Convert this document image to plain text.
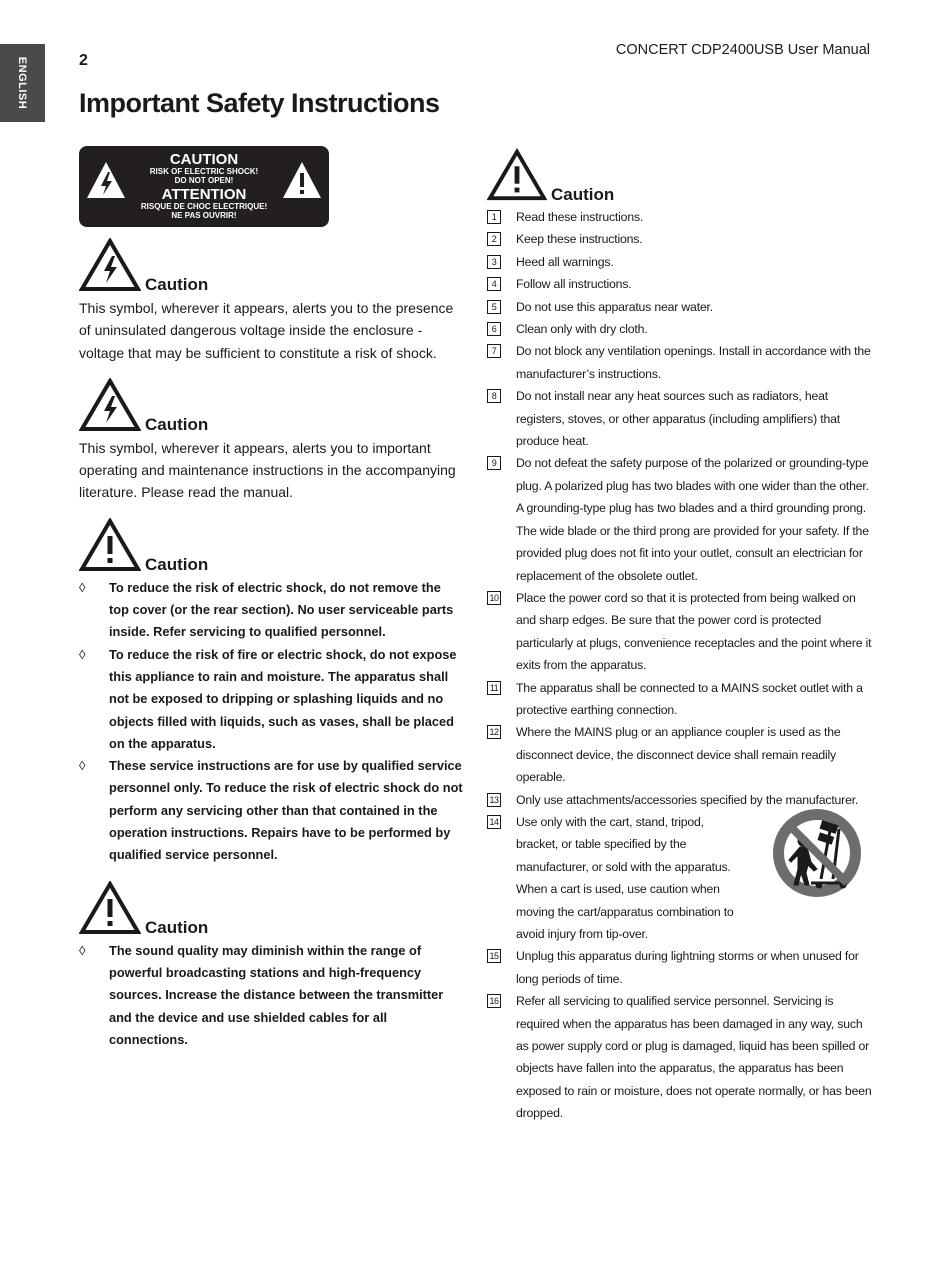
ENGLISH	2
CONCERT CDP2400USB User Manual
Important Safety Instructions
CAUTION
RISK OF ELECTRIC SHOCK!
DO NOT OPEN!
ATTENTION
RISQUE DE CHOC ELECTRIQUE!
NE PAS OUVRIR!
Caution

This symbol, wherever it appears, alerts you to the presence of uninsulated dangerous voltage inside the enclosure - voltage that may be sufficient to constitute a risk of shock.

Caution

This symbol, wherever it appears, alerts you to important operating and maintenance instructions in the accompanying literature. Please read the manual.

Caution
◊ To reduce the risk of electric shock, do not remove the top cover (or the rear section). No user serviceable parts inside. Refer servicing to qualified personnel.
◊ To reduce the risk of fire or electric shock, do not expose this appliance to rain and moisture. The apparatus shall not be exposed to dripping or splashing liquids and no objects filled with liquids, such as vases, shall be placed on the apparatus.
◊ These service instructions are for use by qualified service personnel only. To reduce the risk of electric shock do not perform any servicing other than that contained in the operation instructions. Repairs have to be performed by qualified service personnel.
Caution
◊ The sound quality may diminish within the range of powerful broadcasting stations and high-frequency sources. Increase the distance between the transmitter and the device and use shielded cables for all connections.
Caution
1	Read these instructions.
2	Keep these instructions.
3	Heed all warnings.
4	Follow all instructions.
5	Do not use this apparatus near water.
6	Clean only with dry cloth.
7	Do not block any ventilation openings. Install in accordance with the manufacturer’s instructions.
8	Do not install near any heat sources such as radiators, heat registers, stoves, or other apparatus (including amplifiers) that produce heat.
9	Do not defeat the safety purpose of the polarized or grounding-type plug. A polarized plug has two blades with one wider than the other. A grounding-type plug has two blades and a third grounding prong. The wide blade or the third prong are provided for your safety. If the provided plug does not fit into your outlet, consult an electrician for replacement of the obsolete outlet.
10 Place the power cord so that it is protected from being walked on and sharp edges. Be sure that the power cord is protected particularly at plugs, convenience receptacles and the point where it exits from the apparatus.
11 The apparatus shall be connected to a MAINS socket outlet with a protective earthing connection.
12 Where the MAINS plug or an appliance coupler is used as the disconnect device, the disconnect device shall remain readily operable.
13 Only use attachments/accessories specified by the manufacturer.
14 Use only with the cart, stand, tripod, bracket, or table specified by the manufacturer, or sold with the apparatus. When a cart is used, use caution when moving the cart/apparatus combination to avoid injury from tip-over.
15 Unplug this apparatus during lightning storms or when unused for long periods of time.
16 Refer all servicing to qualified service personnel. Servicing is required when the apparatus has been damaged in any way, such as power supply cord or plug is damaged, liquid has been spilled or objects have fallen into the apparatus, the apparatus has been exposed to rain or moisture, does not operate normally, or has been dropped.
